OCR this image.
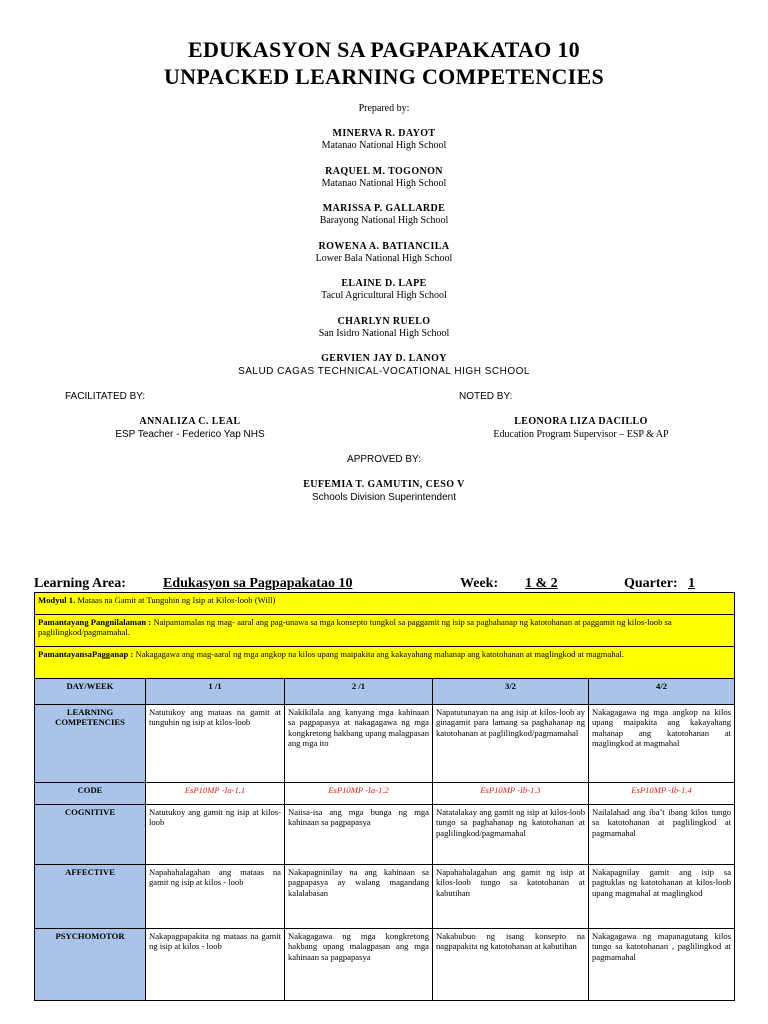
EDUKASYON SA PAGPAPAKATAO 10
UNPACKED LEARNING COMPETENCIES
Prepared by:
MINERVA R. DAYOT
Matanao National High School
RAQUEL M. TOGONON
Matanao National High School
MARISSA P. GALLARDE
Barayong National High School
ROWENA A. BATIANCILA
Lower Bala National High School
ELAINE D. LAPE
Tacul Agricultural High School
CHARLYN RUELO
San Isidro National High School
GERVIEN JAY D. LANOY
SALUD CAGAS TECHNICAL-VOCATIONAL HIGH SCHOOL
FACILITATED BY:	NOTED BY:
ANNALIZA C. LEAL
ESP Teacher - Federico Yap NHS
LEONORA LIZA DACILLO
Education Program Supervisor – ESP & AP
APPROVED BY:
EUFEMIA T. GAMUTIN, CESO V
Schools Division Superintendent
Learning Area:	Edukasyon sa Pagpapakatao 10	Week: 1 & 2	Quarter: 1
Modyul 1. Mataas na Gamit at Tunguhin ng Isip at Kilos-loob (Will)				
Pamantayang Pangnilalaman : Naipamamalas ng mag- aaral ang pag-unawa sa mga konsepto tungkol sa paggamit ng isip sa paghahanap ng katotohanan at paggamit ng kilos-loob sa paglilingkod/pagmamahal.				
PamantayansaPagganap : Nakagagawa ang mag-aaral ng mga angkop na kilos upang maipakita ang kakayahang mahanap ang katotohanan at maglingkod at magmahal.				
DAY/WEEK	1 /1	2 /1	3/2	4/2
LEARNING COMPETENCIES	Natutukoy ang mataas na gamit at tunguhin ng isip at kilos-loob	Nakikilala ang kanyang mga kahinaan sa pagpapasya at nakagagawa ng mga kongkretong hakbang upang malagpasan ang mga ito	Napatutunayan na ang isip at kilos-loob ay ginagamit para lamang sa paghahanap ng katotohanan at paglilingkod/pagmamahal	Nakagagawa ng mga angkop na kilos upang maipakita ang kakayahang mahanap ang katotohanan at maglingkod at magmahal
CODE	EsP10MP -Ia-1.1	EsP10MP -Ia-1.2	EsP10MP -Ib-1.3	EsP10MP -Ib-1.4
COGNITIVE	Natutukoy ang gamit ng isip at kilos-loob	Naiisa-isa ang mga bunga ng mga kahinaan sa pagpapasya	Natatalakay ang gamit ng isip at kilos-loob tungo sa paghahanap ng katotohanan at paglilingkod/pagmamahal	Nailalahad ang iba’t ibang kilos tungo sa katotohanan at paglilingkod at pagmamahal
AFFECTIVE	Napahahalagahan ang mataas na gamit ng isip at kilos - loob	Nakapagninilay na ang kahinaan sa pagpapasya ay walang magandang kalalabasan	Napahahalagahan ang gamit ng isip at kilos-loob tungo sa katotohanan at kabutihan	Nakapagnilay gamit ang isip sa pagtuklas ng katotohanan at kilos-loob upang magmahal at maglingkod
PSYCHOMOTOR	Nakapagpapakita ng mataas na gamit ng isip at kilos - loob	Nakagagawa ng mga kongkretong hakbang upang malagpasan ang mga kahinaan sa pagpapasya	Nakabubuo ng isang konsepto na nagpapakita ng katotohanan at kabutihan	Nakagagawa ng mapanagutang kilos tungo sa katotohanan , paglilingkod at pagmamahal
